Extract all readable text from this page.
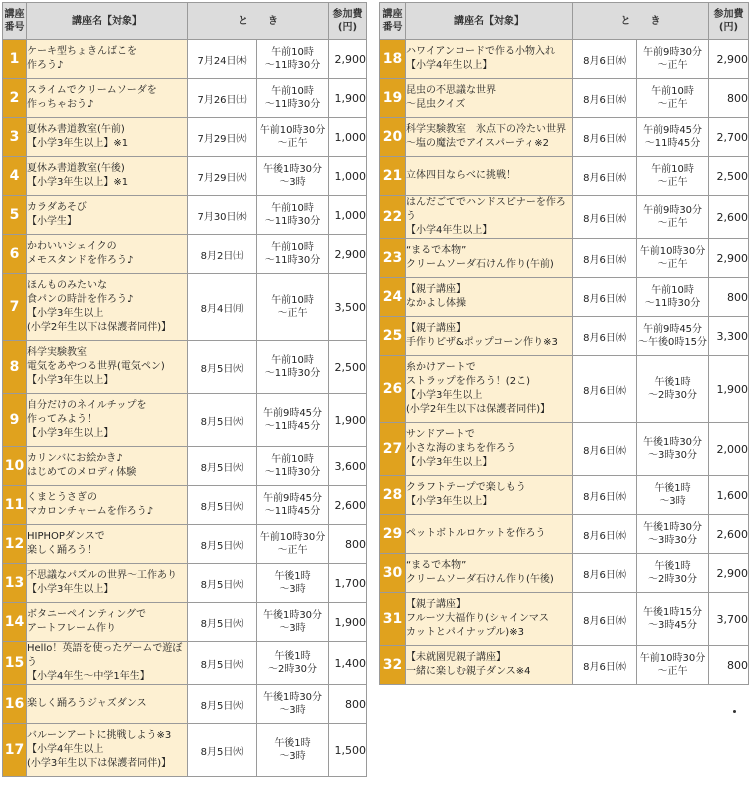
講座
番号	講座名【対象】	と　　き		参加費
(円)
1	ケーキ型ちょきんばこを
作ろう♪	7月24日㈭	午前10時
～11時30分	2,900
2	スライムでクリームソーダを
作っちゃおう♪	7月26日㈯	午前10時
～11時30分	1,900
3	夏休み書道教室(午前)
【小学3年生以上】※1	7月29日㈫	午前10時30分
～正午	1,000
4	夏休み書道教室(午後)
【小学3年生以上】※1	7月29日㈫	午後1時30分
～3時	1,000
5	カラダあそび
【小学生】	7月30日㈬	午前10時
～11時30分	1,000
6	かわいいシェイクの
メモスタンドを作ろう♪	8月2日㈯	午前10時
～11時30分	2,900
7	ほんものみたいな
食パンの時計を作ろう♪
【小学3年生以上
(小学2年生以下は保護者同伴)】	8月4日㈪	午前10時
～正午	3,500
8	科学実験教室
電気をあやつる世界(電気ペン)
【小学3年生以上】	8月5日㈫	午前10時
～11時30分	2,500
9	自分だけのネイルチップを
作ってみよう！
【小学3年生以上】	8月5日㈫	午前9時45分
～11時45分	1,900
10	カリンバにお絵かき♪
はじめてのメロディ体験	8月5日㈫	午前10時
～11時30分	3,600
11	くまとうさぎの
マカロンチャームを作ろう♪	8月5日㈫	午前9時45分
～11時45分	2,600
12	HIPHOPダンスで
楽しく踊ろう！	8月5日㈫	午前10時30分
～正午	800
13	不思議なパズルの世界～工作あり
【小学3年生以上】	8月5日㈫	午後1時
～3時	1,700
14	ボタニーペインティングで
アートフレーム作り	8月5日㈫	午後1時30分
～3時	1,900
15	Hello！英語を使ったゲームで遊ぼう
【小学4年生～中学1年生】	8月5日㈫	午後1時
～2時30分	1,400
16	楽しく踊ろうジャズダンス	8月5日㈫	午後1時30分
～3時	800
17	バルーンアートに挑戦しよう※3
【小学4年生以上
(小学3年生以下は保護者同伴)】	8月5日㈫	午後1時
～3時	1,500
講座
番号	講座名【対象】	と　　き		参加費
(円)
18	ハワイアンコードで作る小物入れ
【小学4年生以上】	8月6日㈬	午前9時30分
～正午	2,900
19	昆虫の不思議な世界
～昆虫クイズ	8月6日㈬	午前10時
～正午	800
20	科学実験教室　氷点下の冷たい世界
～塩の魔法でアイスパーティ※2	8月6日㈬	午前9時45分
～11時45分	2,700
21	立体四目ならべに挑戦！	8月6日㈬	午前10時
～正午	2,500
22	はんだごてでハンドスピナーを作ろう
【小学4年生以上】	8月6日㈬	午前9時30分
～正午	2,600
23	“まるで本物”
クリームソーダ石けん作り(午前)	8月6日㈬	午前10時30分
～正午	2,900
24	【親子講座】
なかよし体操	8月6日㈬	午前10時
～11時30分	800
25	【親子講座】
手作りピザ&ポップコーン作り※3	8月6日㈬	午前9時45分
～午後0時15分	3,300
26	糸かけアートで
ストラップを作ろう！(2こ)
【小学3年生以上
(小学2年生以下は保護者同伴)】	8月6日㈬	午後1時
～2時30分	1,900
27	サンドアートで
小さな海のまちを作ろう
【小学3年生以上】	8月6日㈬	午後1時30分
～3時30分	2,000
28	クラフトテープで楽しもう
【小学3年生以上】	8月6日㈬	午後1時
～3時	1,600
29	ペットボトルロケットを作ろう	8月6日㈬	午後1時30分
～3時30分	2,600
30	“まるで本物”
クリームソーダ石けん作り(午後)	8月6日㈬	午後1時
～2時30分	2,900
31	【親子講座】
フルーツ大福作り(シャインマス
カットとパイナップル)※3	8月6日㈬	午後1時15分
～3時45分	3,700
32	【未就園児親子講座】
一緒に楽しむ親子ダンス※4	8月6日㈬	午前10時30分
～正午	800
